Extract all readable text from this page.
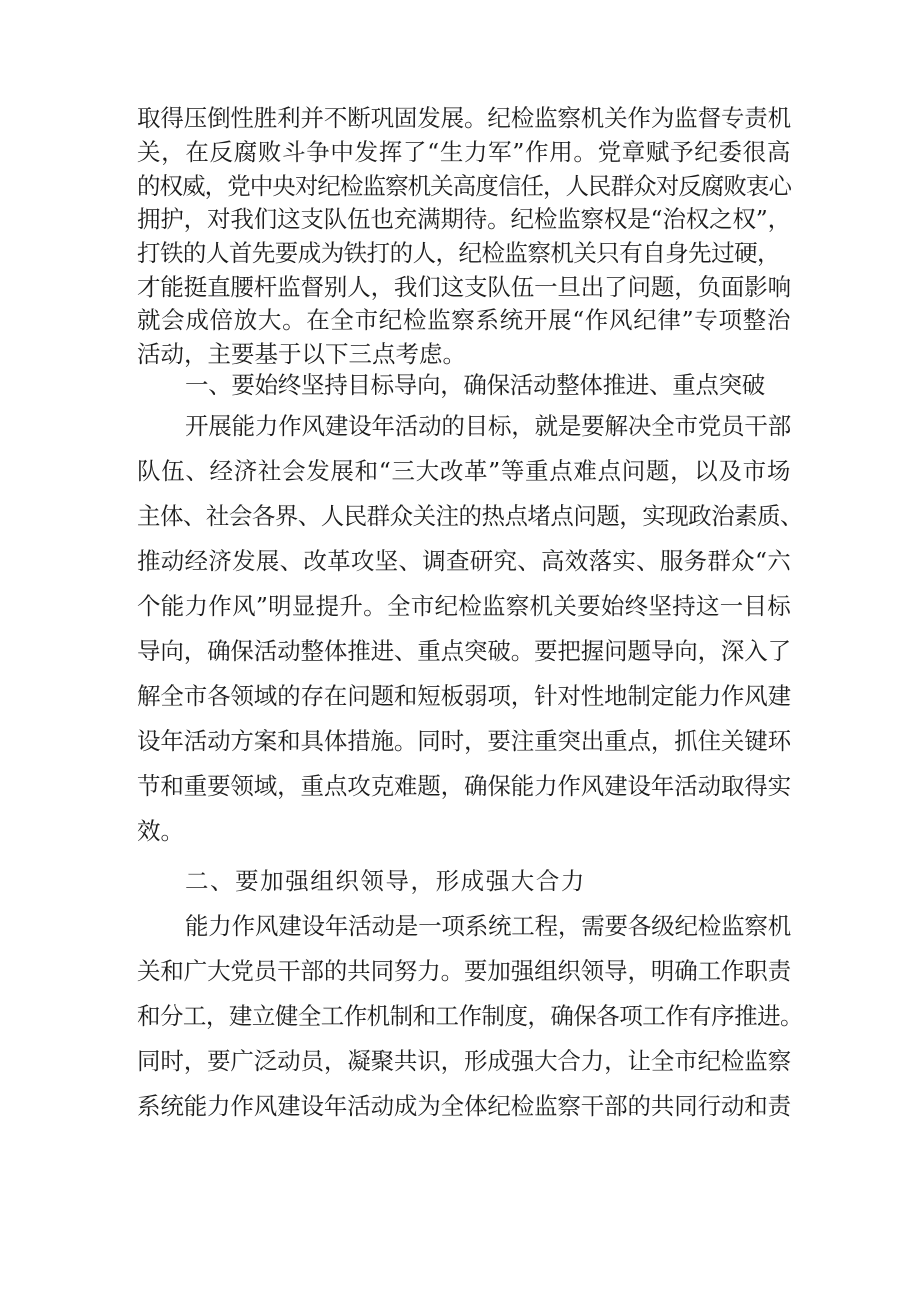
取得压倒性胜利并不断巩固发展。纪检监察机关作为监督专责机

关，在反腐败斗争中发挥了“生力军”作用。党章赋予纪委很高

的权威，党中央对纪检监察机关高度信任，人民群众对反腐败衷心

拥护，对我们这支队伍也充满期待。纪检监察权是“治权之权”，

打铁的人首先要成为铁打的人，纪检监察机关只有自身先过硬，

才能挺直腰杆监督别人，我们这支队伍一旦出了问题，负面影响

就会成倍放大。在全市纪检监察系统开展“作风纪律”专项整治

活动，主要基于以下三点考虑。

一、要始终坚持目标导向，确保活动整体推进、重点突破

开展能力作风建设年活动的目标，就是要解决全市党员干部

队伍、经济社会发展和“三大改革”等重点难点问题，以及市场

主体、社会各界、人民群众关注的热点堵点问题，实现政治素质、

推动经济发展、改革攻坚、调查研究、高效落实、服务群众“六

个能力作风”明显提升。全市纪检监察机关要始终坚持这一目标

导向，确保活动整体推进、重点突破。要把握问题导向，深入了

解全市各领域的存在问题和短板弱项，针对性地制定能力作风建

设年活动方案和具体措施。同时，要注重突出重点，抓住关键环

节和重要领域，重点攻克难题，确保能力作风建设年活动取得实

效。

二、要加强组织领导，形成强大合力

能力作风建设年活动是一项系统工程，需要各级纪检监察机

关和广大党员干部的共同努力。要加强组织领导，明确工作职责

和分工，建立健全工作机制和工作制度，确保各项工作有序推进。

同时，要广泛动员，凝聚共识，形成强大合力，让全市纪检监察

系统能力作风建设年活动成为全体纪检监察干部的共同行动和责
